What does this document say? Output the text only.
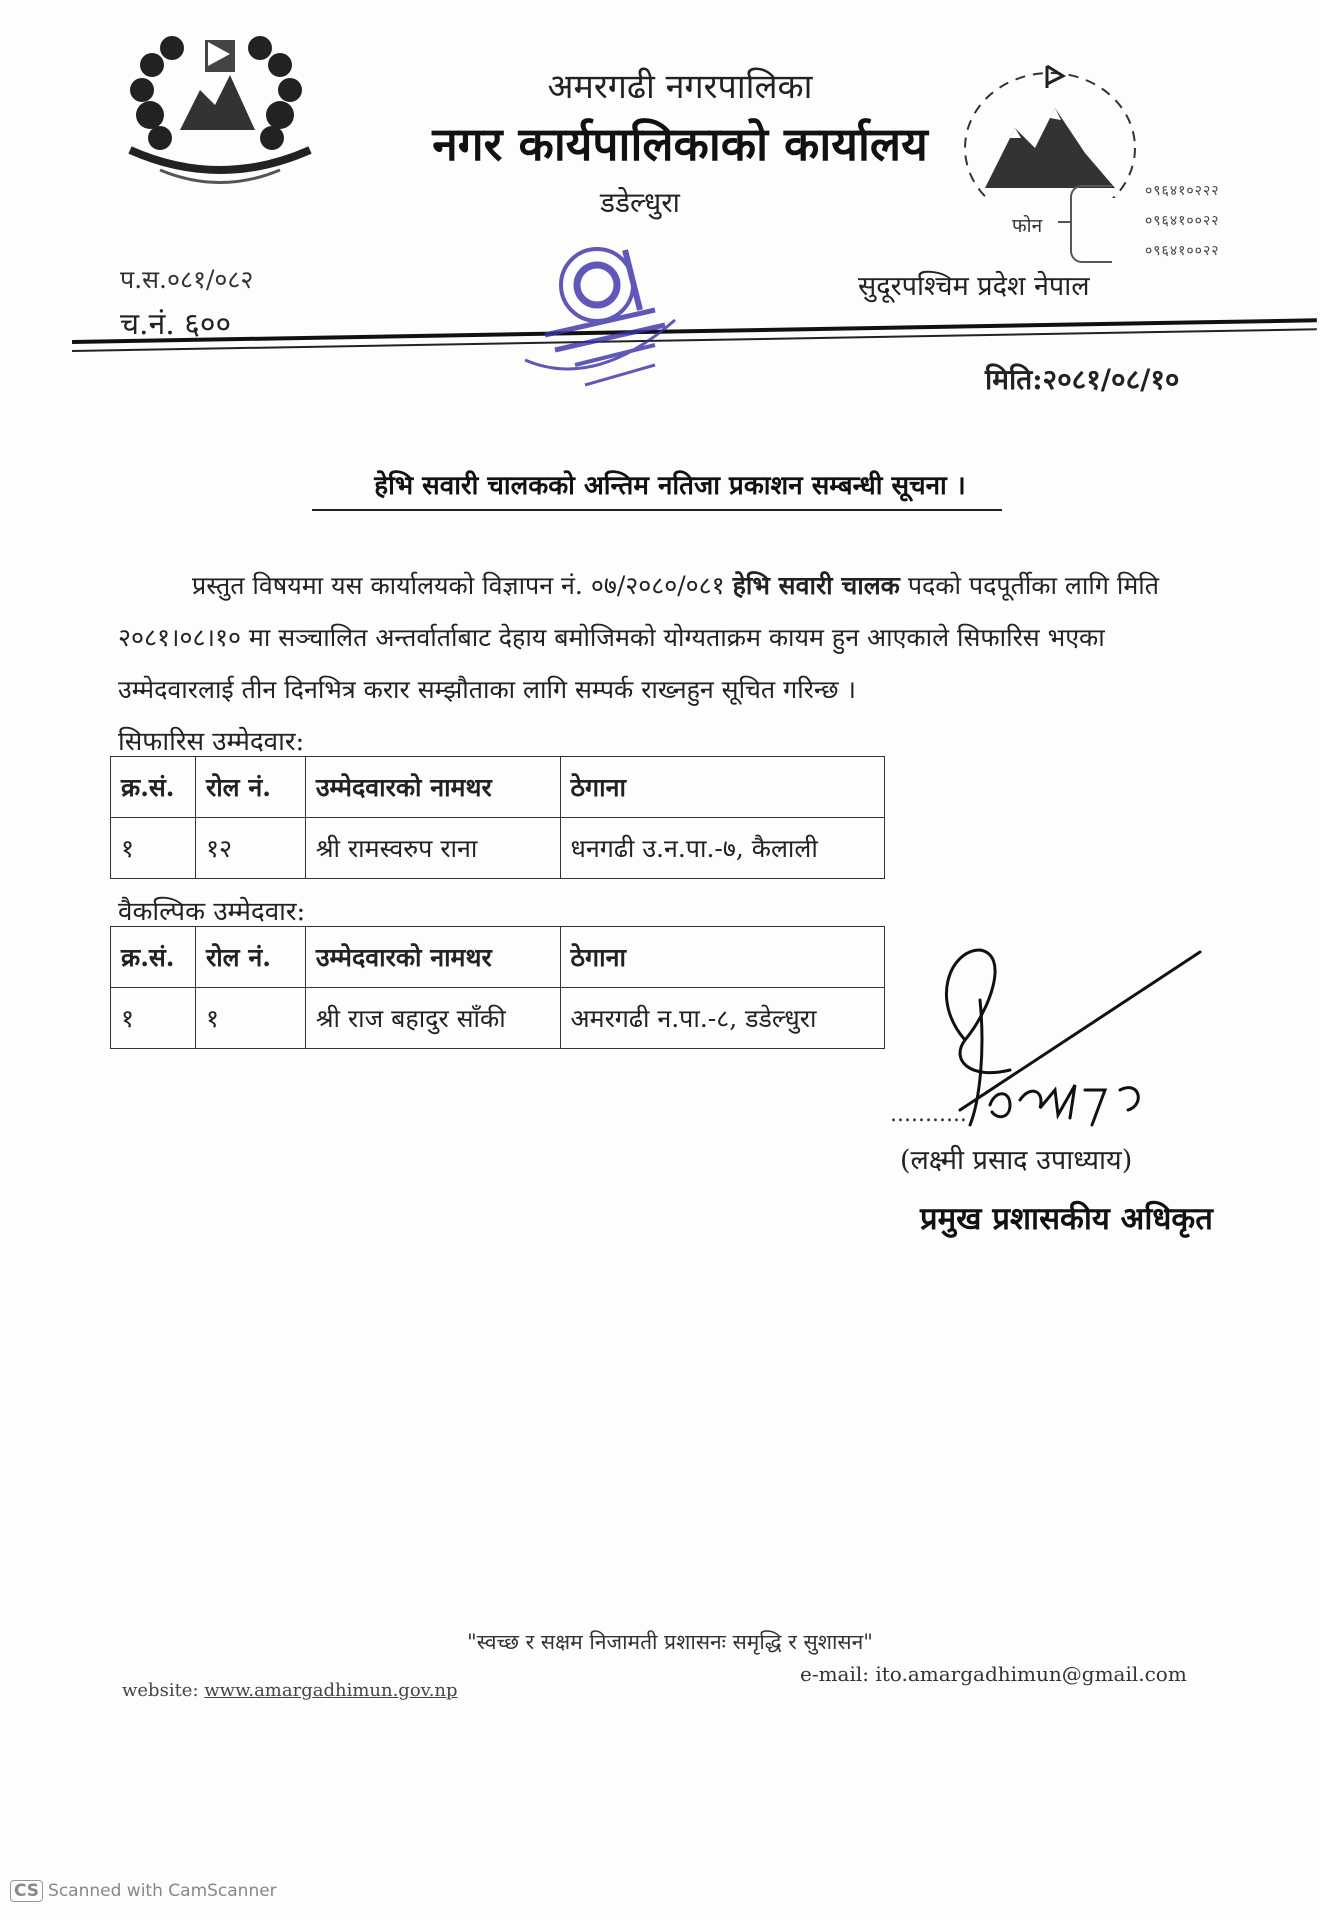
अमरगढी नगरपालिका
नगर कार्यपालिकाको कार्यालय
डडेल्धुरा
फोन
०९६४१०२२२
०९६४१००२२
०९६४१००२२
प.स.०८१/०८२
च.नं. ६००
सुदूरपश्चिम प्रदेश नेपाल
मिति:२०८१/०८/१०
हेभि सवारी चालकको अन्तिम नतिजा प्रकाशन सम्बन्धी सूचना ।
प्रस्तुत विषयमा यस कार्यालयको विज्ञापन नं. ०७/२०८०/०८१ हेभि सवारी चालक पदको पदपूर्तीका लागि मिति २०८१।०८।१० मा सञ्चालित अन्तर्वार्ताबाट देहाय बमोजिमको योग्यताक्रम कायम हुन आएकाले सिफारिस भएका उम्मेदवारलाई तीन दिनभित्र करार सम्झौताका लागि सम्पर्क राख्नहुन सूचित गरिन्छ ।
सिफारिस उम्मेदवार:
क्र.सं.	रोल नं.	उम्मेदवारको नामथर	ठेगाना
१	१२	श्री रामस्वरुप राना	धनगढी उ.न.पा.-७, कैलाली
वैकल्पिक उम्मेदवार:
क्र.सं.	रोल नं.	उम्मेदवारको नामथर	ठेगाना
१	१	श्री राज बहादुर साँकी	अमरगढी न.पा.-८, डडेल्धुरा
...........
(लक्ष्मी प्रसाद उपाध्याय)
प्रमुख प्रशासकीय अधिकृत
"स्वच्छ र सक्षम निजामती प्रशासनः समृद्धि र सुशासन"
website: www.amargadhimun.gov.np
e-mail: ito.amargadhimun@gmail.com
CS Scanned with CamScanner
